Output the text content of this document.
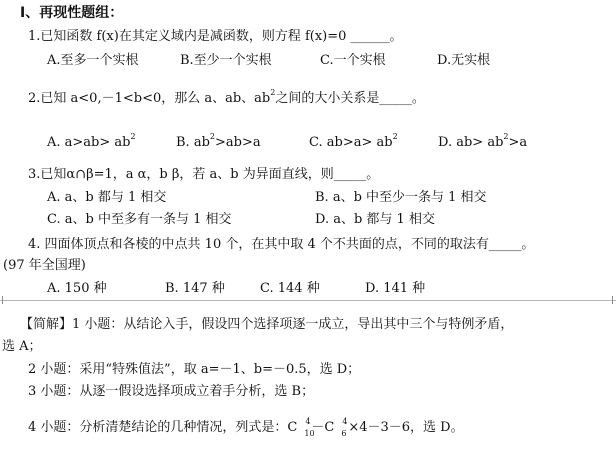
Ⅰ、再现性题组：
1.已知函数 f(x)在其定义域内是减函数，则方程 f(x)=0 ______。
A.至多一个实根	B.至少一个实根	C.一个实根	D.无实根
2.已知 a<0,－1<b<0，那么 a、ab、$ab^2$之间的大小关系是_____。
A. $a>ab> ab^2$	B. $ab^2>ab>a$	C. $ab>a> ab^2$	D. $ab> ab^2>a$
3.已知α∩β=1，a α，b β，若 a、b 为异面直线，则_____。
A. a、b 都与 1 相交	B. a、b 中至少一条与 1 相交
C. a、b 中至多有一条与 1 相交	D. a、b 都与 1 相交
4. 四面体顶点和各棱的中点共 10 个，在其中取 4 个不共面的点，不同的取法有_____。
(97 年全国理)
A. 150 种	B. 147 种	C. 144 种	D. 141 种
【简解】1 小题：从结论入手，假设四个选择项逐一成立，导出其中三个与特例矛盾，
选 A；
2 小题：采用“特殊值法”，取 a=－1、b=－0.5，选 D；
3 小题：从逐一假设选择项成立着手分析，选 B；
4 小题：分析清楚结论的几种情况，列式是：C 4
10
－C 4
6 ×4－3－6，选 D。
